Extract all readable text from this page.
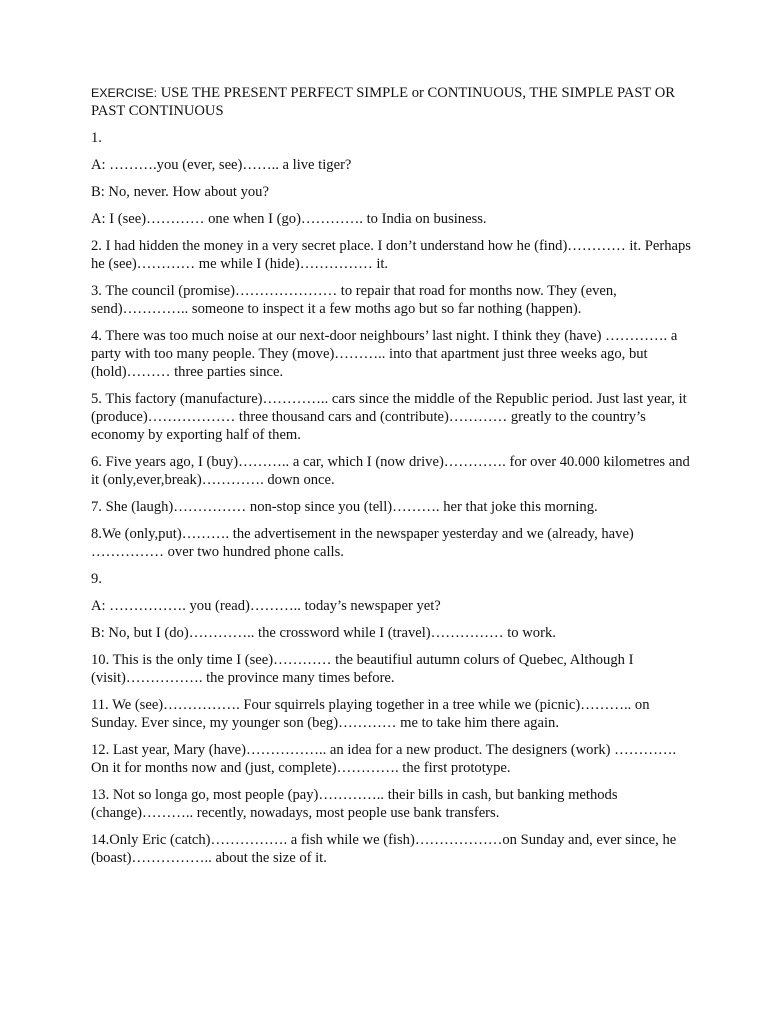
EXERCISE: USE THE PRESENT PERFECT SIMPLE or CONTINUOUS, THE SIMPLE PAST OR PAST CONTINUOUS

1.

A: ……….you (ever, see)…….. a live tiger?

B: No, never. How about you?

A: I (see)………… one when I (go)…………. to India on business.

2. I had hidden the money in a very secret place. I don’t understand how he (find)………… it. Perhaps he (see)………… me while I (hide)…………… it.

3. The council (promise)………………… to repair that road for months now. They (even, send)………….. someone to inspect it a few moths ago but so far nothing (happen).

4. There was too much noise at our next-door neighbours’ last night. I think they (have) …………. a party with too many people. They (move)……….. into that apartment just three weeks ago, but (hold)……… three parties since.

5. This factory (manufacture)………….. cars since the middle of the Republic period. Just last year, it (produce)……………… three thousand cars and (contribute)………… greatly to the country’s economy by exporting half of them.

6. Five years ago, I (buy)……….. a car, which I (now drive)…………. for over 40.000 kilometres and it (only,ever,break)…………. down once.

7. She (laugh)…………… non-stop since you (tell)………. her that joke this morning.

8.We (only,put)………. the advertisement in the newspaper yesterday and we (already, have) …………… over two hundred phone calls.

9.

A: ……………. you (read)……….. today’s newspaper yet?

B: No, but I (do)………….. the crossword while I (travel)…………… to work.

10. This is the only time I (see)………… the beautifiul autumn colurs of Quebec, Although I (visit)……………. the province many times before.

11. We (see)……………. Four squirrels playing together in a tree while we (picnic)……….. on Sunday. Ever since, my younger son (beg)………… me to take him there again.

12. Last year, Mary (have)…………….. an idea for a new product. The designers (work) …………. On it for months now and (just, complete)…………. the first prototype.

13. Not so longa go, most people (pay)………….. their bills in cash, but banking methods (change)……….. recently, nowadays, most people use bank transfers.

14.Only Eric (catch)……………. a fish while we (fish)………………on Sunday and, ever since, he (boast)…………….. about the size of it.
